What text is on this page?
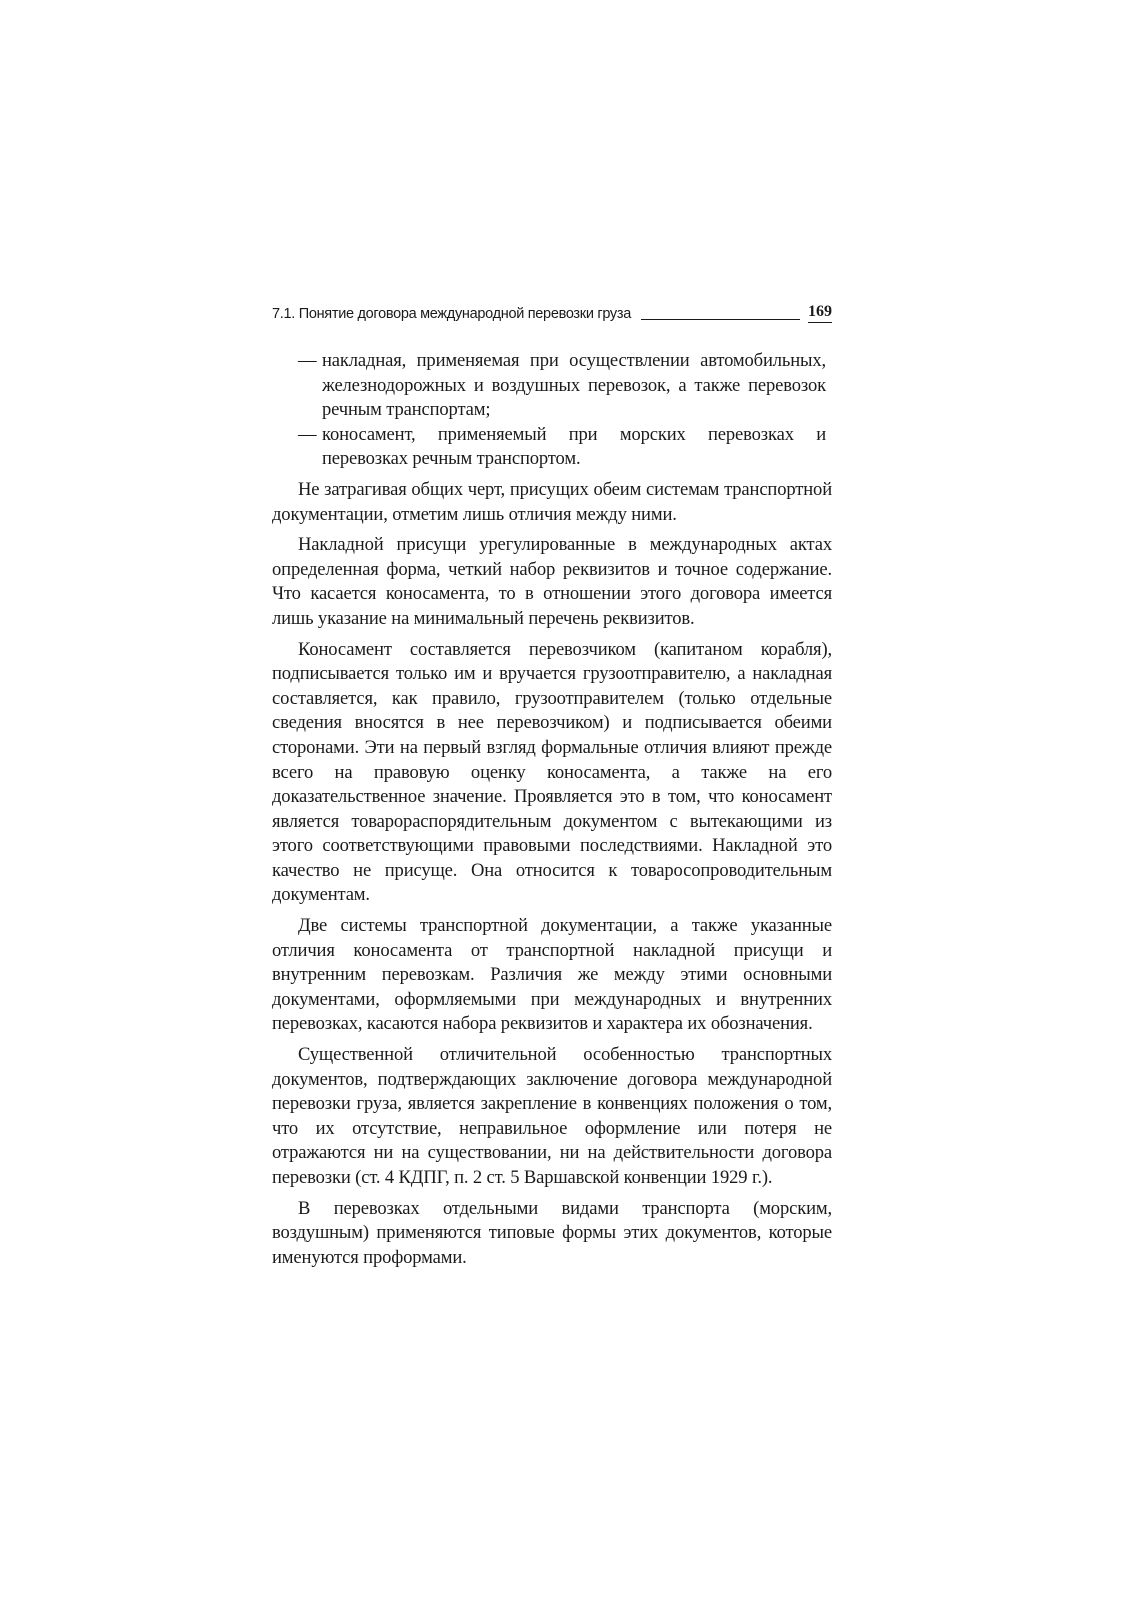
7.1. Понятие договора международной перевозки груза	169
— накладная, применяемая при осуществлении автомобильных, железнодорожных и воздушных перевозок, а также перевозок речным транспортам;
— коносамент, применяемый при морских перевозках и перевозках речным транспортом.

Не затрагивая общих черт, присущих обеим системам транспортной документации, отметим лишь отличия между ними.

Накладной присущи урегулированные в международных актах определенная форма, четкий набор реквизитов и точное содержание. Что касается коносамента, то в отношении этого договора имеется лишь указание на минимальный перечень реквизитов.

Коносамент составляется перевозчиком (капитаном корабля), подписывается только им и вручается грузоотправителю, а накладная составляется, как правило, грузоотправителем (только отдельные сведения вносятся в нее перевозчиком) и подписывается обеими сторонами. Эти на первый взгляд формальные отличия влияют прежде всего на правовую оценку коносамента, а также на его доказательственное значение. Проявляется это в том, что коносамент является товарораспорядительным документом с вытекающими из этого соответствующими правовыми последствиями. Накладной это качество не присуще. Она относится к товаросопроводительным документам.

Две системы транспортной документации, а также указанные отличия коносамента от транспортной накладной присущи и внутренним перевозкам. Различия же между этими основными документами, оформляемыми при международных и внутренних перевозках, касаются набора реквизитов и характера их обозначения.

Существенной отличительной особенностью транспортных документов, подтверждающих заключение договора международной перевозки груза, является закрепление в конвенциях положения о том, что их отсутствие, неправильное оформление или потеря не отражаются ни на существовании, ни на действительности договора перевозки (ст. 4 КДПГ, п. 2 ст. 5 Варшавской конвенции 1929 г.).

В перевозках отдельными видами транспорта (морским, воздушным) применяются типовые формы этих документов, которые именуются проформами.
